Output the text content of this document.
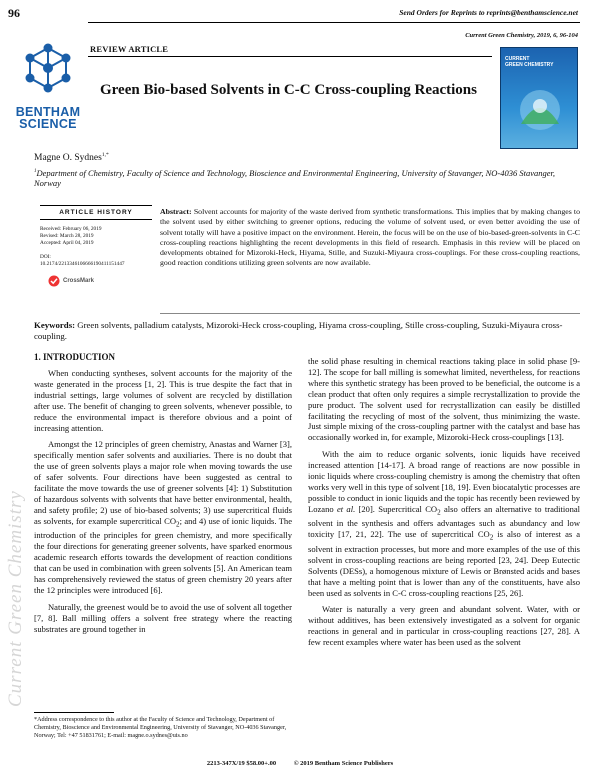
Current Green Chemistry
96	Send Orders for Reprints to reprints@benthamscience.net
Current Green Chemistry, 2019, 6, 96-104
REVIEW ARTICLE
BENTHAM
SCIENCE
CURRENT
GREEN CHEMISTRY
Green Bio-based Solvents in C-C Cross-coupling Reactions
Magne O. Sydnes$^{1,*}$
$^1$Department of Chemistry, Faculty of Science and Technology, Bioscience and Environmental Engineering, University of Stavanger, NO-4036 Stavanger, Norway
ARTICLE HISTORY
Received: February 06, 2019
Revised: March 28, 2019
Accepted: April 04, 2019
DOI:
10.2174/2213346106666190411151447
CrossMark
Abstract: Solvent accounts for majority of the waste derived from synthetic transformations. This implies that by making changes to the solvent used by either switching to greener options, reducing the volume of solvent used, or even better avoiding the use of solvent totally will have a positive impact on the environment. Herein, the focus will be on the use of bio-based-green-solvents in C-C cross-coupling reactions highlighting the recent developments in this field of research. Emphasis in this review will be placed on developments obtained for Mizoroki-Heck, Hiyama, Stille, and Suzuki-Miyaura cross-couplings. For these cross-coupling reactions, good reaction conditions utilizing green solvents are now available.
Keywords: Green solvents, palladium catalysts, Mizoroki-Heck cross-coupling, Hiyama cross-coupling, Stille cross-coupling, Suzuki-Miyaura cross-coupling.
1. INTRODUCTION

When conducting syntheses, solvent accounts for the majority of the waste generated in the process [1, 2]. This is true despite the fact that in industrial settings, large volumes of solvent are recycled by distillation after use. The benefit of changing to green solvents, whenever possible, to reduce the environmental impact is therefore obvious and a point of increasing attention.

Amongst the 12 principles of green chemistry, Anastas and Warner [3], specifically mention safer solvents and auxiliaries. There is no doubt that the use of green solvents plays a major role when moving towards the use of safer solvents. Four directions have been suggested as central to facilitate the move towards the use of greener solvents [4]: 1) Substitution of hazardous solvents with solvents that have better environmental, health, and safety profile; 2) use of bio-based solvents; 3) use supercritical fluids as solvents, for example supercritical $CO_2$; and 4) use of ionic liquids. The introduction of the principles for green chemistry, and more specifically the four directions for generating greener solvents, have sparked enormous academic research efforts towards the development of reaction conditions that can be used in combination with green solvents [5]. An American team has comprehensively reviewed the status of green chemistry 20 years after the 12 principles were introduced [6].

Naturally, the greenest would be to avoid the use of solvent all together [7, 8]. Ball milling offers a solvent free strategy where the reacting substrates are ground together in

the solid phase resulting in chemical reactions taking place in solid phase [9-12]. The scope for ball milling is somewhat limited, nevertheless, for reactions where this synthetic strategy has been proved to be beneficial, the outcome is a clean product that often only requires a simple recrystallization to provide the pure product. The solvent used for recrystallization can easily be distilled facilitating the recycling of most of the solvent, thus minimizing the waste. Just simple mixing of the cross-coupling partner with the catalyst and base has occasionally worked in, for example, Mizoroki-Heck cross-couplings [13].

With the aim to reduce organic solvents, ionic liquids have received increased attention [14-17]. A broad range of reactions are now possible in ionic liquids where cross-coupling chemistry is among the chemistry that often works very well in this type of solvent [18, 19]. Even biocatalytic processes are possible to conduct in ionic liquids and the topic has recently been reviewed by Lozano et al. [20]. Supercritical $CO_2$ also offers an alternative to traditional solvent in the synthesis and offers advantages such as abundancy and low toxicity [17, 21, 22]. The use of supercritical $CO_2$ is also of interest as a solvent in extraction processes, but more and more examples of the use of this solvent in cross-coupling reactions are being reported [23, 24]. Deep Eutectic Solvents (DESs), a homogenous mixture of Lewis or Brønsted acids and bases that have a melting point that is lower than any of the constituents, have also been used as solvents in C-C cross-coupling reactions [25, 26].

Water is naturally a very green and abundant solvent. Water, with or without additives, has been extensively investigated as a solvent for organic reactions in general and in particular in cross-coupling reactions [27, 28]. A few recent examples where water has been used as the solvent

*Address correspondence to this author at the Faculty of Science and Technology, Department of Chemistry, Bioscience and Environmental Engineering, University of Stavanger, NO-4036 Stavanger, Norway; Tel: +47 51831761; E-mail: magne.o.sydnes@uis.no
2213-347X/19 $58.00+.00	© 2019 Bentham Science Publishers
